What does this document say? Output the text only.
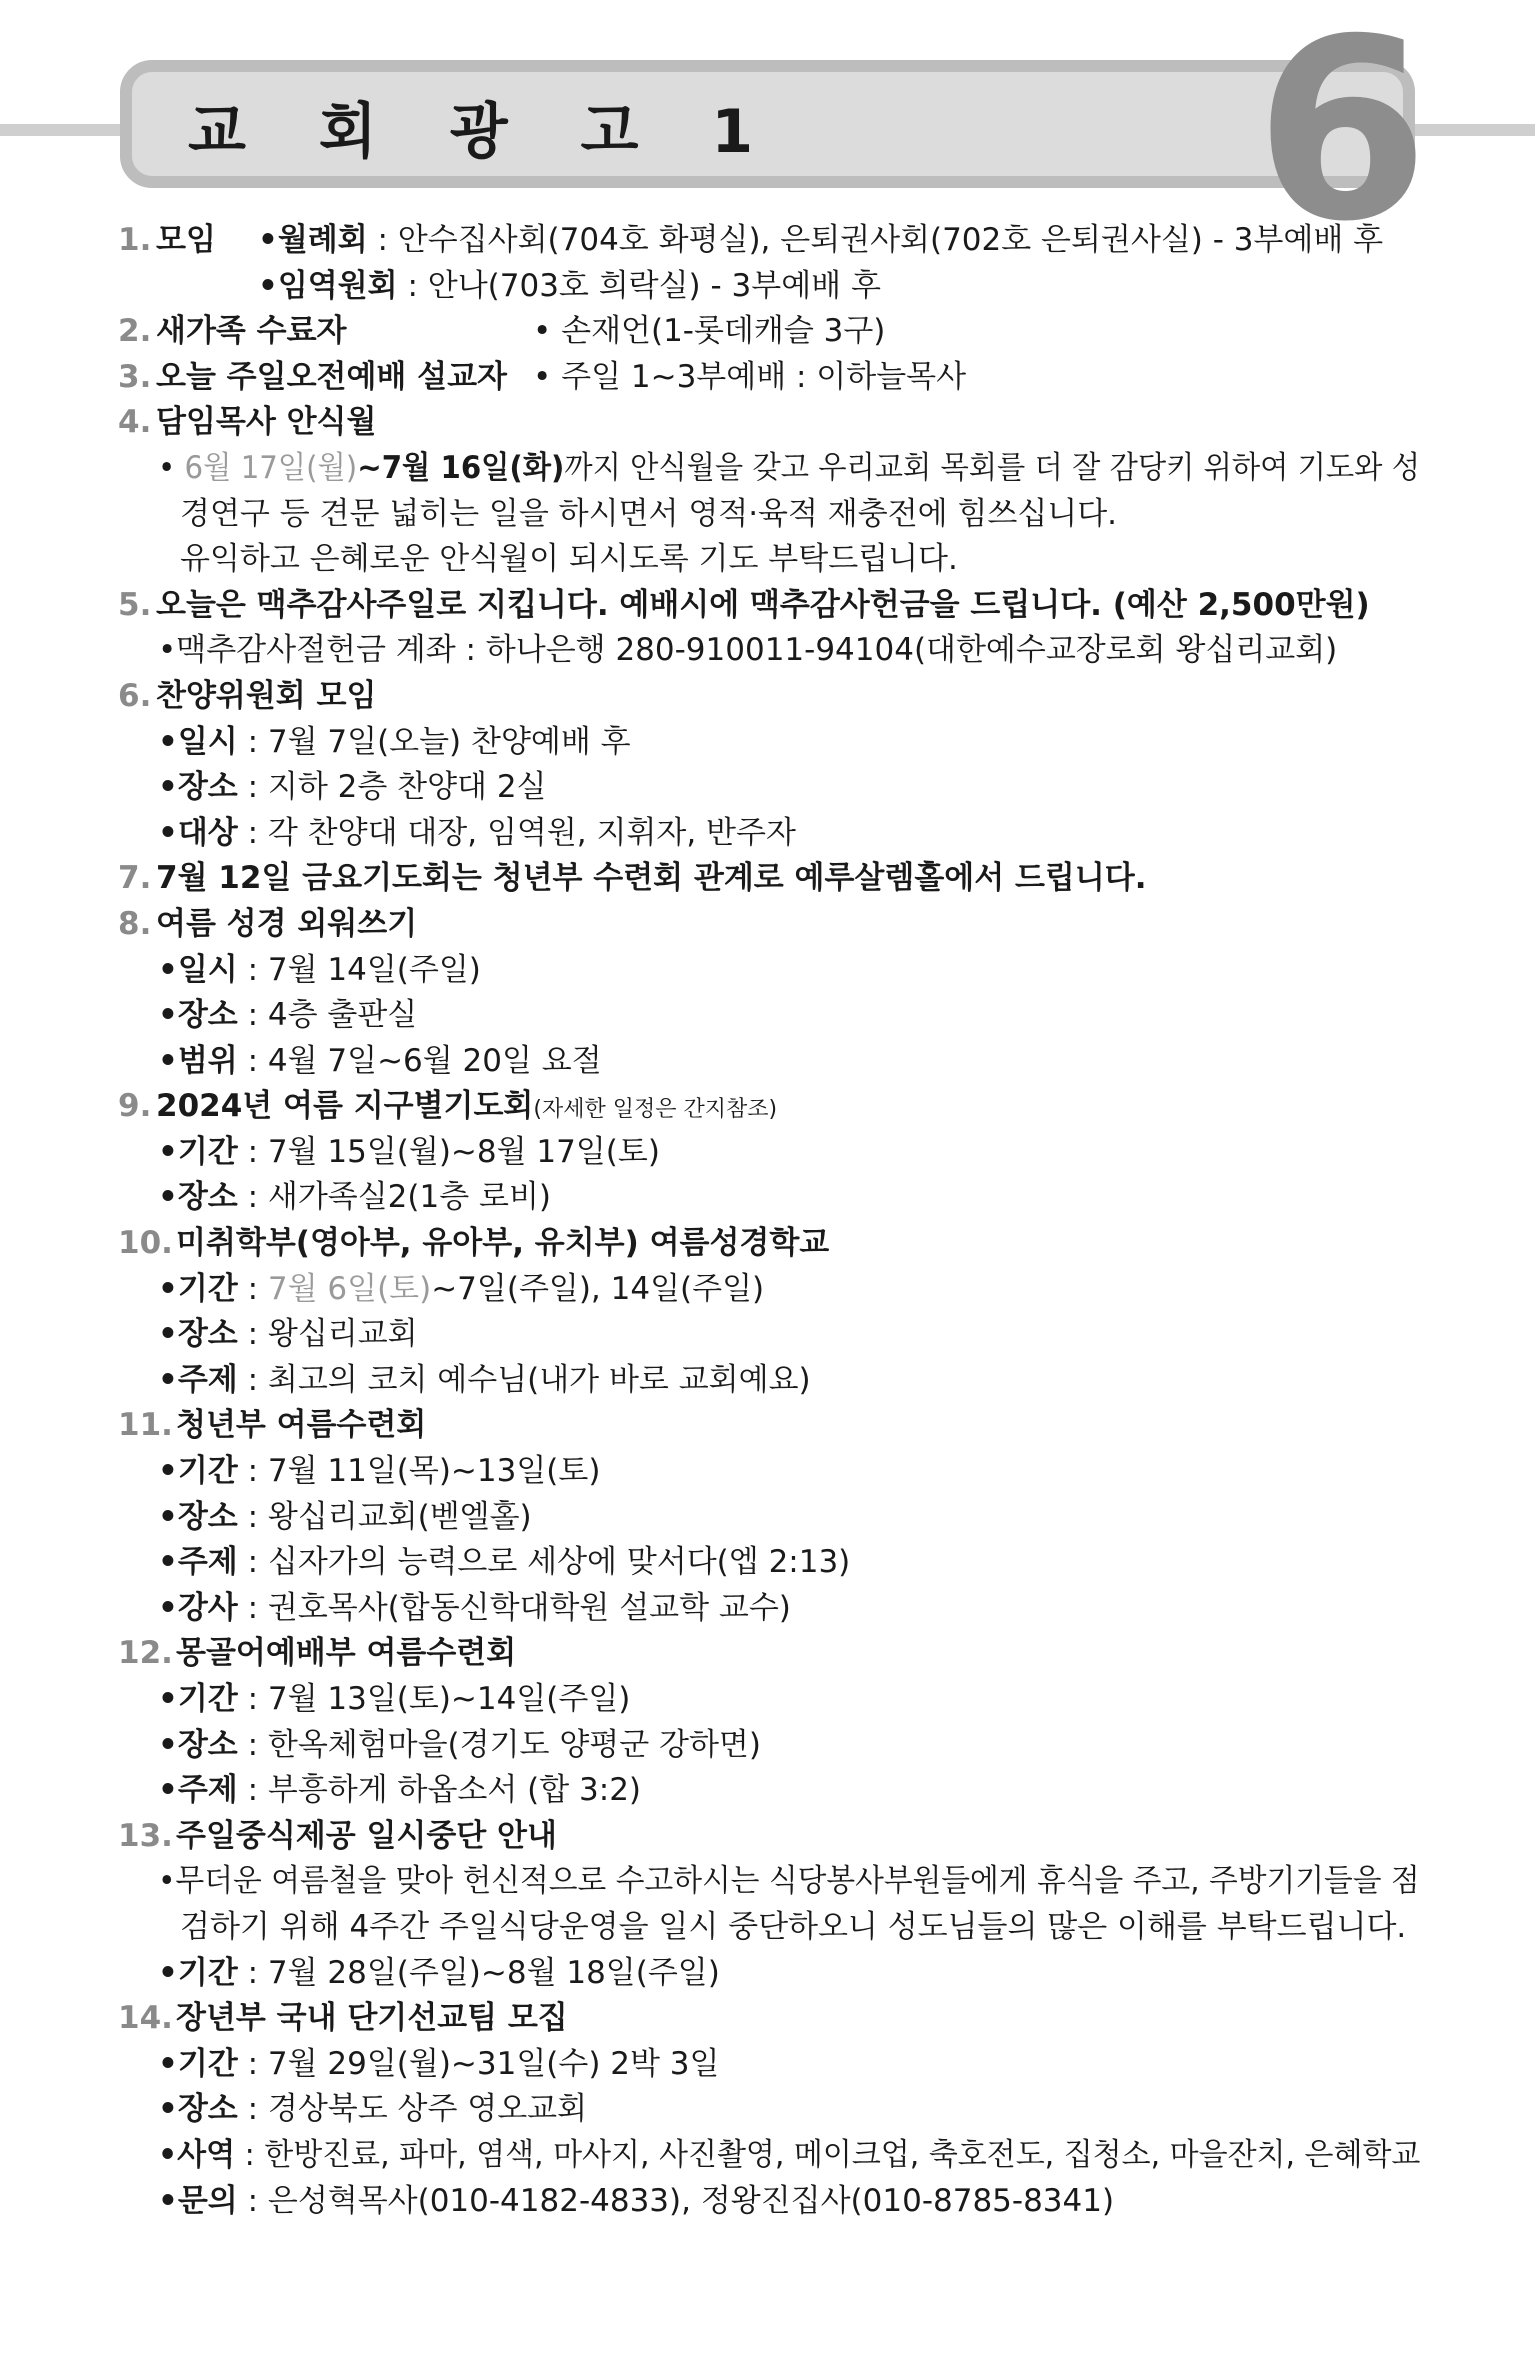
교 회 광 고 1 6
1. 모임 •월례회 : 안수집사회(704호 화평실), 은퇴권사회(702호 은퇴권사실) - 3부예배 후
•임역원회 : 안나(703호 희락실) - 3부예배 후
2. 새가족 수료자	• 손재언(1-롯데캐슬 3구)
3. 오늘 주일오전예배 설교자 • 주일 1~3부예배 : 이하늘목사
4. 담임목사 안식월
• 6월 17일(월)~7월 16일(화)까지 안식월을 갖고 우리교회 목회를 더 잘 감당키 위하여 기도와 성
경연구 등 견문 넓히는 일을 하시면서 영적·육적 재충전에 힘쓰십니다.
유익하고 은혜로운 안식월이 되시도록 기도 부탁드립니다.
5. 오늘은 맥추감사주일로 지킵니다. 예배시에 맥추감사헌금을 드립니다. (예산 2,500만원)
•맥추감사절헌금 계좌 : 하나은행 280-910011-94104(대한예수교장로회 왕십리교회)
6. 찬양위원회 모임
•일시 : 7월 7일(오늘) 찬양예배 후
•장소 : 지하 2층 찬양대 2실
•대상 : 각 찬양대 대장, 임역원, 지휘자, 반주자
7. 7월 12일 금요기도회는 청년부 수련회 관계로 예루살렘홀에서 드립니다.
8. 여름 성경 외워쓰기
•일시 : 7월 14일(주일)
•장소 : 4층 출판실
•범위 : 4월 7일~6월 20일 요절
9. 2024년 여름 지구별기도회(자세한 일정은 간지참조)
•기간 : 7월 15일(월)~8월 17일(토)
•장소 : 새가족실2(1층 로비)
10. 미취학부(영아부, 유아부, 유치부) 여름성경학교
•기간 : 7월 6일(토)~7일(주일), 14일(주일)
•장소 : 왕십리교회
•주제 : 최고의 코치 예수님(내가 바로 교회예요)
11. 청년부 여름수련회
•기간 : 7월 11일(목)~13일(토)
•장소 : 왕십리교회(벧엘홀)
•주제 : 십자가의 능력으로 세상에 맞서다(엡 2:13)
•강사 : 권호목사(합동신학대학원 설교학 교수)
12. 몽골어예배부 여름수련회
•기간 : 7월 13일(토)~14일(주일)
•장소 : 한옥체험마을(경기도 양평군 강하면)
•주제 : 부흥하게 하옵소서 (합 3:2)
13. 주일중식제공 일시중단 안내
•무더운 여름철을 맞아 헌신적으로 수고하시는 식당봉사부원들에게 휴식을 주고, 주방기기들을 점
검하기 위해 4주간 주일식당운영을 일시 중단하오니 성도님들의 많은 이해를 부탁드립니다.
•기간 : 7월 28일(주일)~8월 18일(주일)
14. 장년부 국내 단기선교팀 모집
•기간 : 7월 29일(월)~31일(수) 2박 3일
•장소 : 경상북도 상주 영오교회
•사역 : 한방진료, 파마, 염색, 마사지, 사진촬영, 메이크업, 축호전도, 집청소, 마을잔치, 은혜학교
•문의 : 은성혁목사(010-4182-4833), 정왕진집사(010-8785-8341)
